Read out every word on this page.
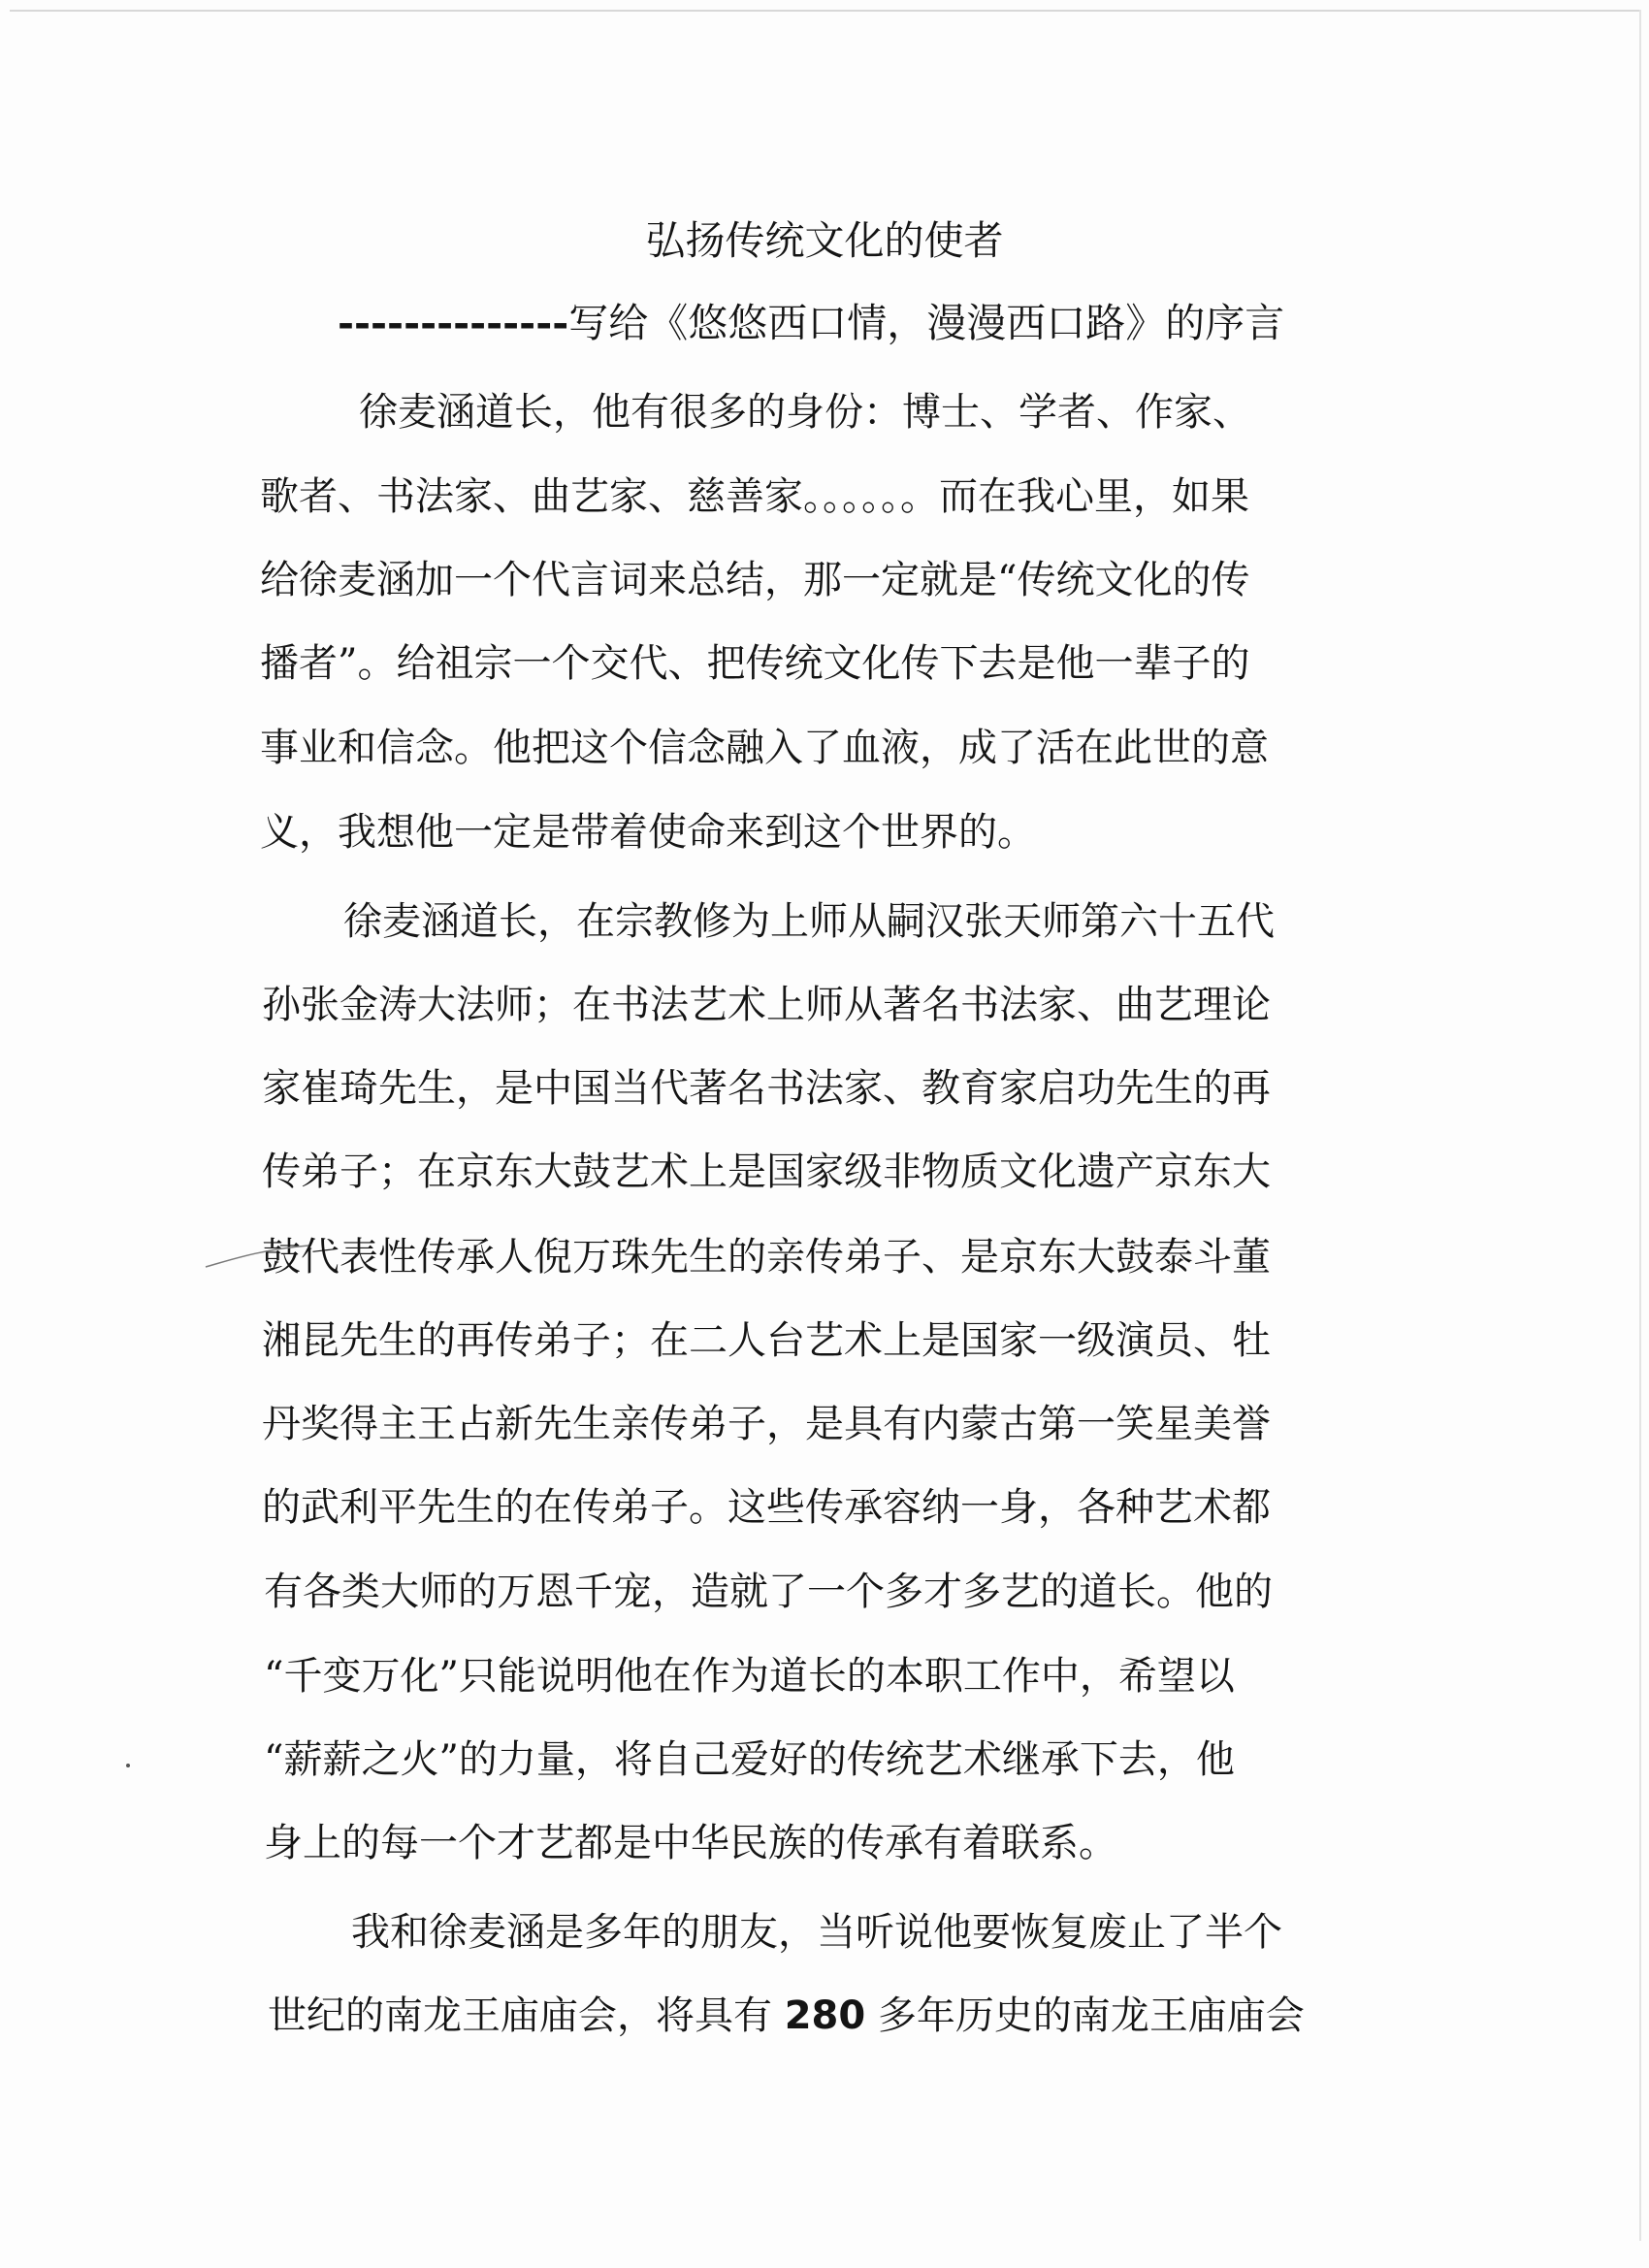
弘扬传统文化的使者
--------------写给《悠悠西口情，漫漫西口路》的序言
徐麦涵道长，他有很多的身份：博士、学者、作家、
歌者、书法家、曲艺家、慈善家。。。。。。而在我心里，如果
给徐麦涵加一个代言词来总结，那一定就是“传统文化的传
播者”。给祖宗一个交代、把传统文化传下去是他一辈子的
事业和信念。他把这个信念融入了血液，成了活在此世的意
义，我想他一定是带着使命来到这个世界的。
徐麦涵道长，在宗教修为上师从嗣汉张天师第六十五代
孙张金涛大法师；在书法艺术上师从著名书法家、曲艺理论
家崔琦先生，是中国当代著名书法家、教育家启功先生的再
传弟子；在京东大鼓艺术上是国家级非物质文化遗产京东大
鼓代表性传承人倪万珠先生的亲传弟子、是京东大鼓泰斗董
湘昆先生的再传弟子；在二人台艺术上是国家一级演员、牡
丹奖得主王占新先生亲传弟子，是具有内蒙古第一笑星美誉
的武利平先生的在传弟子。这些传承容纳一身，各种艺术都
有各类大师的万恩千宠，造就了一个多才多艺的道长。他的
“千变万化”只能说明他在作为道长的本职工作中，希望以
“薪薪之火”的力量，将自己爱好的传统艺术继承下去，他
身上的每一个才艺都是中华民族的传承有着联系。
我和徐麦涵是多年的朋友，当听说他要恢复废止了半个
世纪的南龙王庙庙会，将具有 280 多年历史的南龙王庙庙会
